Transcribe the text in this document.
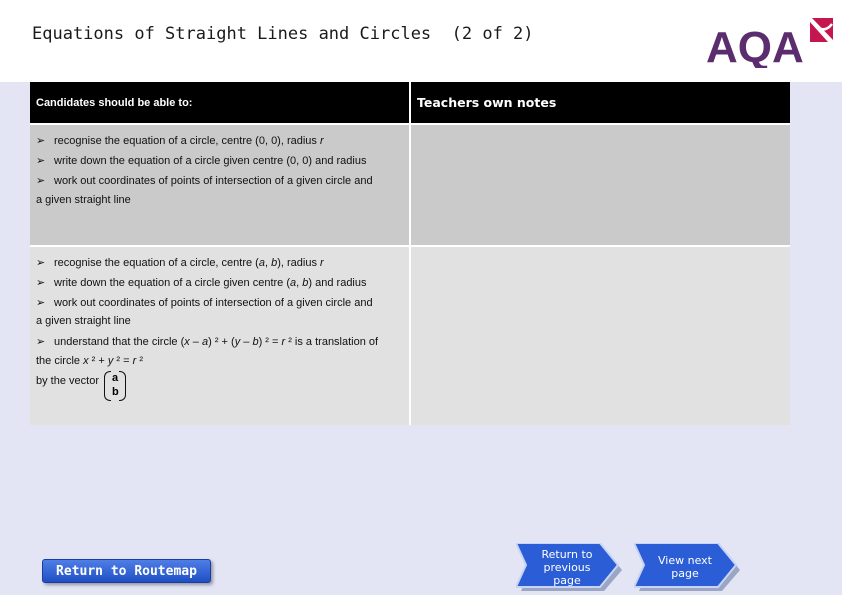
Equations of Straight Lines and Circles  (2 of 2)	AQA
Candidates should be able to:	Teachers own notes
➢ recognise the equation of a circle, centre (0, 0), radius r
➢ write down the equation of a circle given centre (0, 0) and radius
➢ work out coordinates of points of intersection of a given circle and
a given straight line
➢ recognise the equation of a circle, centre (a, b), radius r
➢ write down the equation of a circle given centre (a, b) and radius
➢ work out coordinates of points of intersection of a given circle and
a given straight line
➢ understand that the circle (x – a) ² + (y – b) ² = r ² is a translation of
the circle x ² + y ² = r ²
by the vector a
b
Return to Routemap
Return to
previous
page
View next
page
